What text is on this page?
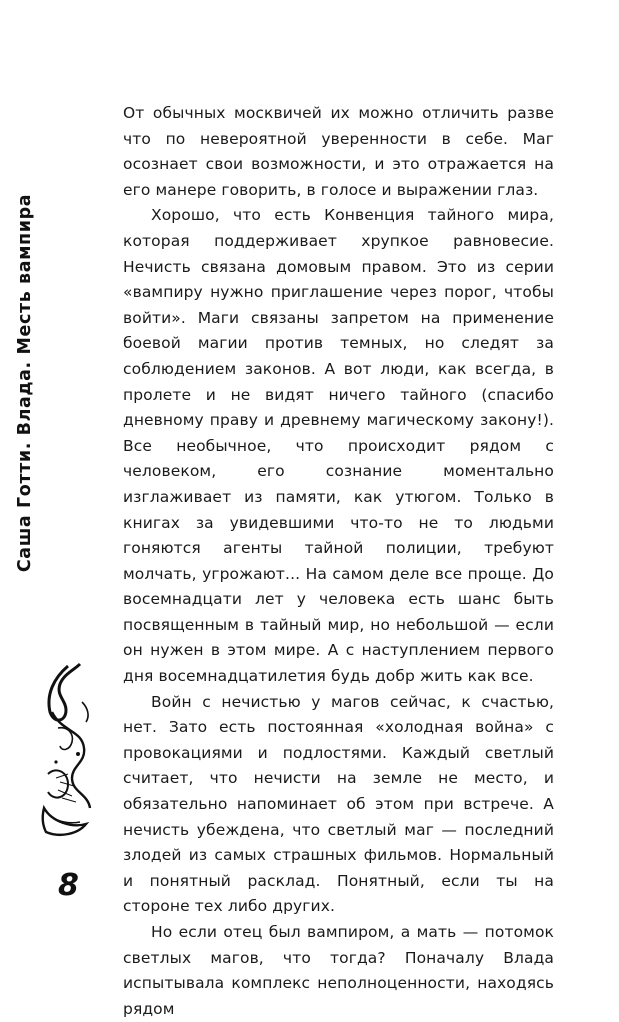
Саша Готти. Влада. Месть вампира
8

От обычных москвичей их можно отличить разве что по невероятной уверенности в себе. Маг осознает свои возможности, и это отражается на его манере говорить, в голосе и выражении глаз.

Хорошо, что есть Конвенция тайного мира, которая поддерживает хрупкое равновесие. Нечисть связана домовым правом. Это из серии «вампиру нужно приглашение через порог, чтобы войти». Маги связаны запретом на применение боевой магии против темных, но следят за соблюдением законов. А вот люди, как всегда, в пролете и не видят ничего тайного (спасибо дневному праву и древнему магическому закону!). Все необычное, что происходит рядом с человеком, его сознание моментально изглаживает из памяти, как утюгом. Только в книгах за увидевшими что-то не то людьми гоняются агенты тайной полиции, требуют молчать, угрожают... На самом деле все проще. До восемнадцати лет у человека есть шанс быть посвященным в тайный мир, но небольшой — если он нужен в этом мире. А с наступлением первого дня восемнадцатилетия будь добр жить как все.

Войн с нечистью у магов сейчас, к счастью, нет. Зато есть постоянная «холодная война» с провокациями и подлостями. Каждый светлый считает, что нечисти на земле не место, и обязательно напоминает об этом при встрече. А нечисть убеждена, что светлый маг — последний злодей из самых страшных фильмов. Нормальный и понятный расклад. Понятный, если ты на стороне тех либо других.

Но если отец был вампиром, а мать — потомок светлых магов, что тогда? Поначалу Влада испытывала комплекс неполноценности, находясь рядом
